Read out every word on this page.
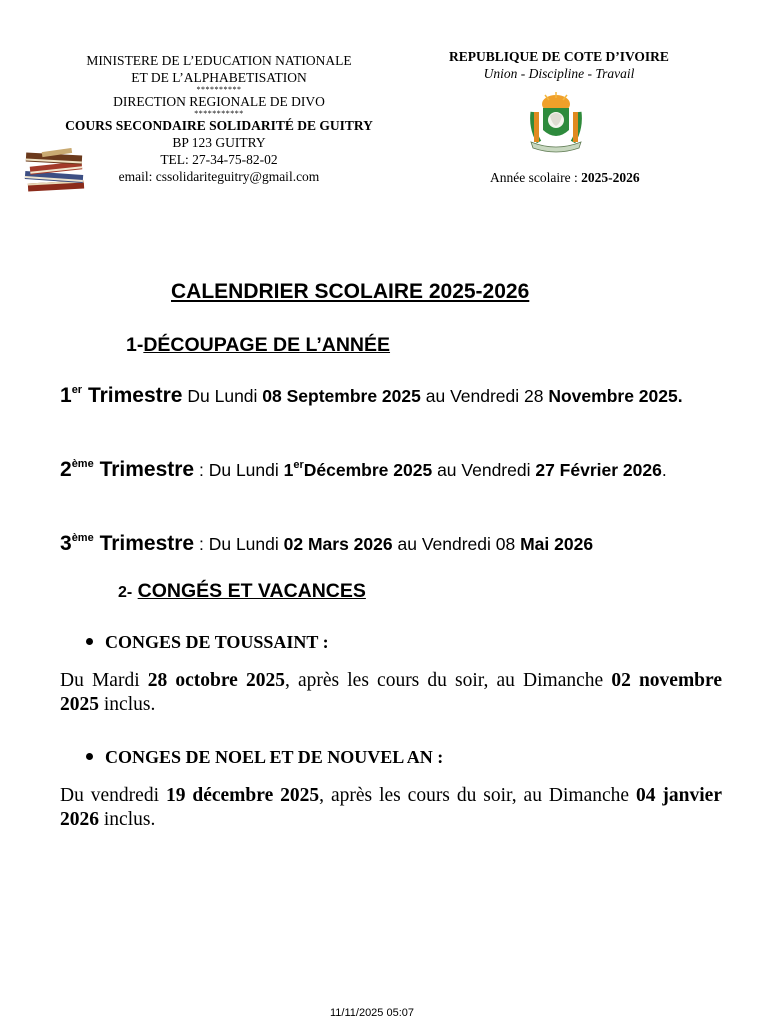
MINISTERE DE L’EDUCATION NATIONALE
ET DE L’ALPHABETISATION
**********
DIRECTION REGIONALE DE DIVO
***********
COURS SECONDAIRE SOLIDARITÉ DE GUITRY
BP 123 GUITRY
TEL: 27-34-75-82-02
email: cssolidariteguitry@gmail.com
REPUBLIQUE DE COTE D’IVOIRE
Union - Discipline - Travail
Année scolaire : 2025-2026
CALENDRIER SCOLAIRE 2025-2026
1-DÉCOUPAGE DE L’ANNÉE
1er Trimestre Du Lundi 08 Septembre 2025 au Vendredi 28 Novembre 2025.
2ème Trimestre : Du Lundi 1erDécembre 2025 au Vendredi 27 Février 2026.
3ème Trimestre : Du Lundi 02 Mars 2026 au Vendredi 08 Mai 2026
2- CONGÉS ET VACANCES
CONGES DE TOUSSAINT :
Du Mardi 28 octobre 2025, après les cours du soir, au Dimanche 02 novembre 2025 inclus.
CONGES DE NOEL ET DE NOUVEL AN :
Du vendredi 19 décembre 2025, après les cours du soir, au Dimanche 04 janvier 2026 inclus.
11/11/2025 05:07
